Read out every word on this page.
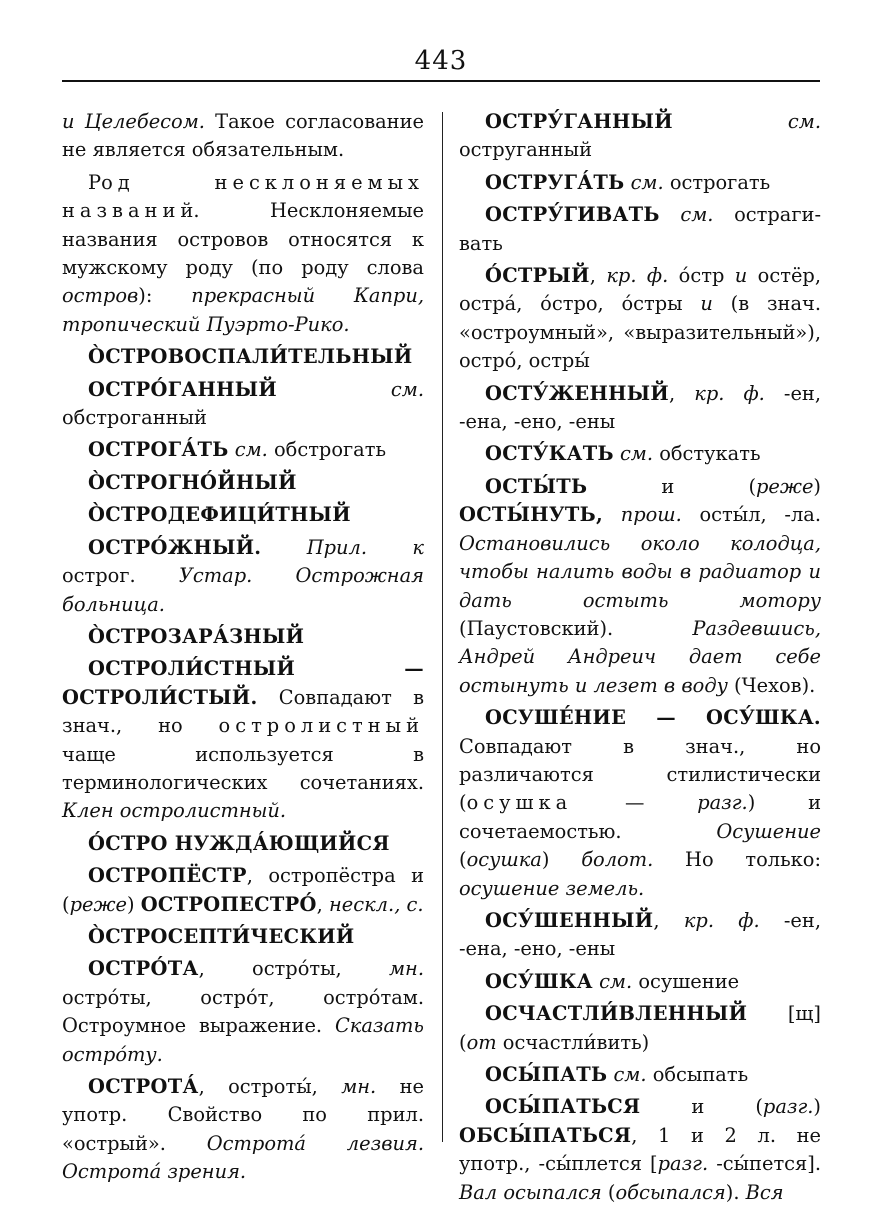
443

и Целебесом. Такое согласование не является обязательным.

Род несклоняемых названий. Несклоняемые названия островов относятся к мужскому роду (по роду слова остров): прекрасный Капри, тропический Пуэрто-Рико.

О̀СТРОВОСПАЛИ́ТЕЛЬНЫЙ

ОСТРО́ГАННЫЙ	см. обстроганный

ОСТРОГА́ТЬ см. обстрогать

О̀СТРОГНО́ЙНЫЙ

О̀СТРОДЕФИЦИ́ТНЫЙ

ОСТРО́ЖНЫЙ. Прил. к острог. Устар. Острожная больница.

О̀СТРОЗАРА́ЗНЫЙ

ОСТРОЛИ́СТНЫЙ — ОСТРОЛИ́СТЫЙ. Совпадают в знач., но остролистный чаще используется в терминологических сочетаниях. Клен остролистный.

О́СТРО НУЖДА́ЮЩИЙСЯ

ОСТРОПЁСТР, остропёстра и (реже) ОСТРОПЕСТРО́, нескл., с.

О̀СТРОСЕПТИ́ЧЕСКИЙ

ОСТРО́ТА, остро́ты, мн. остро́ты, остро́т, остро́там. Остроумное выражение. Сказать остро́ту.

ОСТРОТА́, остроты́, мн. не употр. Свойство по прил. «острый». Острота́ лезвия. Острота́ зрения.

ОСТРУ́ГАННЫЙ	см. оструганный

ОСТРУГА́ТЬ см. острогать

ОСТРУ́ГИВАТЬ см. острагивать

О́СТРЫЙ, кр. ф. о́стр и остёр, остра́, о́стро, о́стры и (в знач. «остроумный», «выразительный»), остро́, остры́

ОСТУ́ЖЕННЫЙ, кр. ф. -ен, -ена, -ено, -ены

ОСТУ́КАТЬ см. обстукать

ОСТЫ́ТЬ и (реже) ОСТЫ́НУТЬ, прош. осты́л, -ла. Остановились около колодца, чтобы налить воды в радиатор и дать остыть мотору (Паустовский). Раздевшись, Андрей Андреич дает себе остынуть и лезет в воду (Чехов).

ОСУШЕ́НИЕ — ОСУ́ШКА. Совпадают в знач., но различаются стилистически (осушка — разг.) и сочетаемостью. Осушение (осушка) болот. Но только: осушение земель.

ОСУ́ШЕННЫЙ, кр. ф. -ен, -ена, -ено, -ены

ОСУ́ШКА см. осушение

ОСЧАСТЛИ́ВЛЕННЫЙ [щ] (от осчастли́вить)

ОСЫ́ПАТЬ см. обсыпать

ОСЫ́ПАТЬСЯ и (разг.) ОБСЫ́ПАТЬСЯ, 1 и 2 л. не употр., -сы́плется [разг. -сы́пется]. Вал осыпался (обсыпался). Вся
